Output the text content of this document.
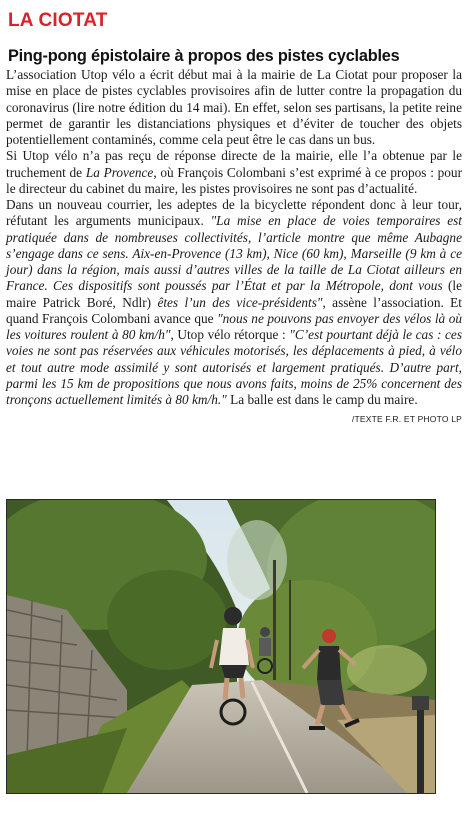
LA CIOTAT
Ping-pong épistolaire à propos des pistes cyclables

L’association Utop vélo a écrit début mai à la mairie de La Ciotat pour proposer la mise en place de pistes cyclables provisoires afin de lutter contre la propagation du coronavirus (lire notre édition du 14 mai). En effet, selon ses partisans, la petite reine permet de garantir les distanciations physiques et d’éviter de toucher des objets potentiellement contaminés, comme cela peut être le cas dans un bus.

Si Utop vélo n’a pas reçu de réponse directe de la mairie, elle l’a obtenue par le truchement de La Provence, où François Colombani s’est exprimé à ce propos : pour le directeur du cabinet du maire, les pistes provisoires ne sont pas d’actualité.

Dans un nouveau courrier, les adeptes de la bicyclette répondent donc à leur tour, réfutant les arguments municipaux. "La mise en place de voies temporaires est pratiquée dans de nombreuses collectivités, l’article montre que même Aubagne s’engage dans ce sens. Aix-en-Provence (13 km), Nice (60 km), Marseille (9 km à ce jour) dans la région, mais aussi d’autres villes de la taille de La Ciotat ailleurs en France. Ces dispositifs sont poussés par l’État et par la Métropole, dont vous (le maire Patrick Boré, Ndlr) êtes l’un des vice-présidents", assène l’association. Et quand François Colombani avance que "nous ne pouvons pas envoyer des vélos là où les voitures roulent à 80 km/h", Utop vélo rétorque : "C’est pourtant déjà le cas : ces voies ne sont pas réservées aux véhicules motorisés, les déplacements à pied, à vélo et tout autre mode assimilé y sont autorisés et largement pratiqués. D’autre part, parmi les 15 km de propositions que nous avons faits, moins de 25% concernent des tronçons actuellement limités à 80 km/h." La balle est dans le camp du maire.
/TEXTE F.R. ET PHOTO LP
